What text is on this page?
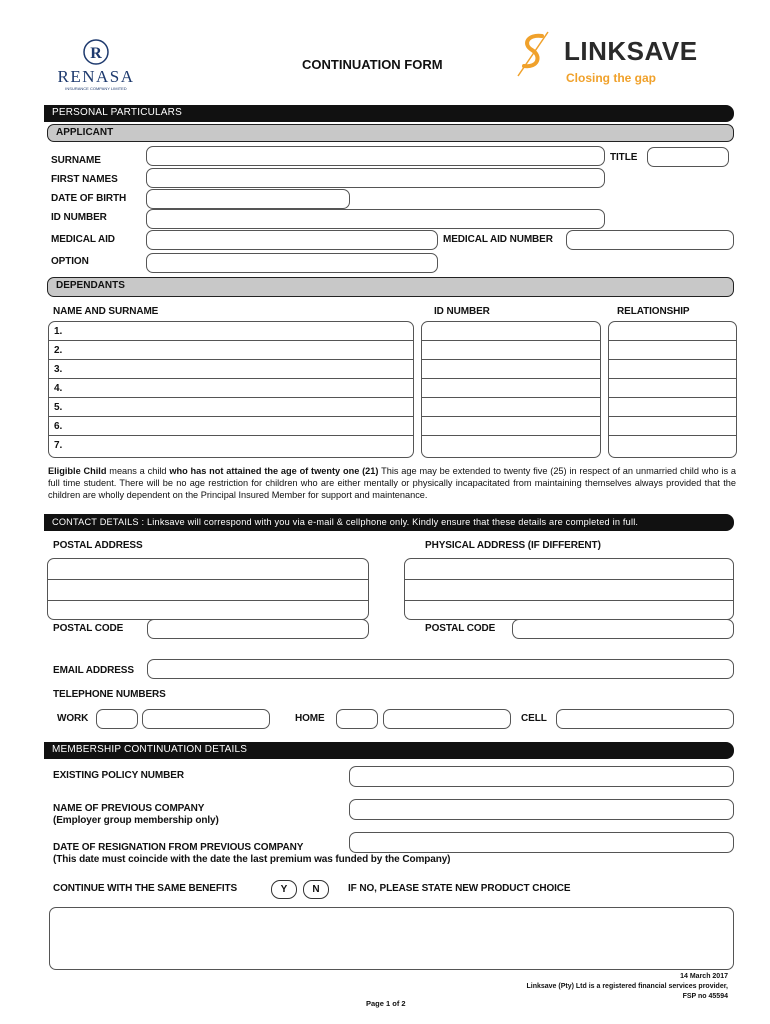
R
RENASA
INSURANCE COMPANY LIMITED
CONTINUATION FORM	LINKSAVE
Closing the gap
PERSONAL PARTICULARS
APPLICANT
SURNAME	TITLE
FIRST NAMES
DATE OF BIRTH
ID NUMBER
MEDICAL AID	MEDICAL AID NUMBER
OPTION
DEPENDANTS
NAME AND SURNAME	ID NUMBER	RELATIONSHIP
1.
2.
3.
4.
5.
6.
7.
Eligible Child means a child who has not attained the age of twenty one (21) This age may be extended to twenty five (25) in respect of an unmarried child who is a full time student. There will be no age restriction for children who are either mentally or physically incapacitated from maintaining themselves always provided that the children are wholly dependent on the Principal Insured Member for support and maintenance.
CONTACT DETAILS : Linksave will correspond with you via e-mail & cellphone only. Kindly ensure that these details are completed in full.
POSTAL ADDRESS	PHYSICAL ADDRESS (IF DIFFERENT)
POSTAL CODE	POSTAL CODE
EMAIL ADDRESS
TELEPHONE NUMBERS
WORK	HOME	CELL
MEMBERSHIP CONTINUATION DETAILS
EXISTING POLICY NUMBER
NAME OF PREVIOUS COMPANY
(Employer group membership only)
DATE OF RESIGNATION FROM PREVIOUS COMPANY
(This date must coincide with the date the last premium was funded by the Company)
CONTINUE WITH THE SAME BENEFITS	Y	N	IF NO, PLEASE STATE NEW PRODUCT CHOICE
14 March 2017
Linksave (Pty) Ltd is a registered financial services provider,
FSP no 45594
Page 1 of 2
